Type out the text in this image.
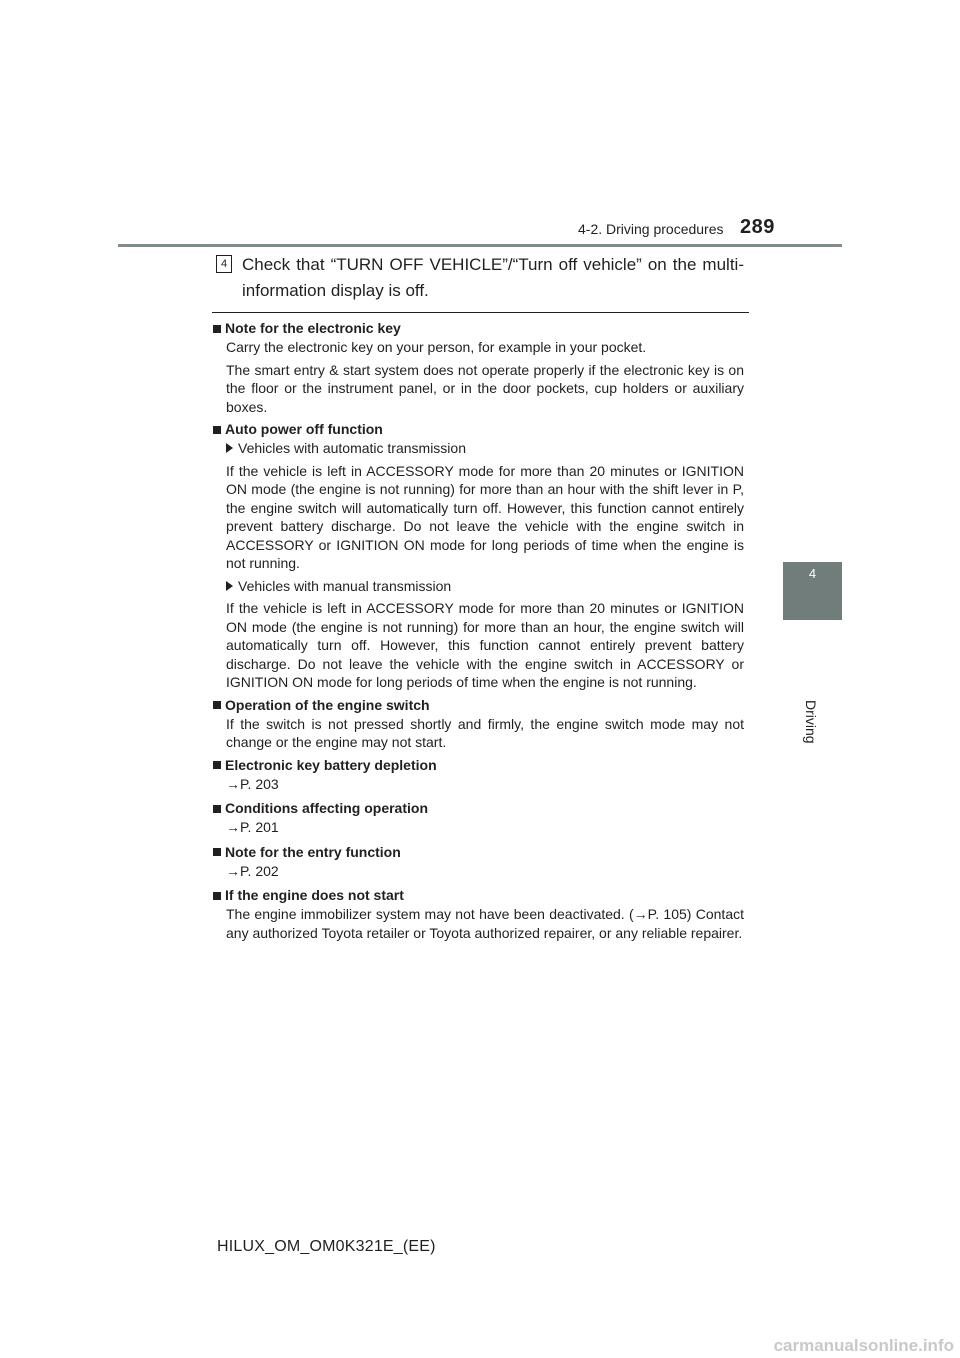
4-2. Driving procedures 289
4
Driving
4 Check that “TURN OFF VEHICLE”/“Turn off vehicle” on the multi-information display is off.
Note for the electronic key

Carry the electronic key on your person, for example in your pocket.

The smart entry & start system does not operate properly if the electronic key is on the floor or the instrument panel, or in the door pockets, cup holders or auxiliary boxes.

Auto power off function
Vehicles with automatic transmission

If the vehicle is left in ACCESSORY mode for more than 20 minutes or IGNITION ON mode (the engine is not running) for more than an hour with the shift lever in P, the engine switch will automatically turn off. However, this function cannot entirely prevent battery discharge. Do not leave the vehicle with the engine switch in ACCESSORY or IGNITION ON mode for long periods of time when the engine is not running.

Vehicles with manual transmission

If the vehicle is left in ACCESSORY mode for more than 20 minutes or IGNITION ON mode (the engine is not running) for more than an hour, the engine switch will automatically turn off. However, this function cannot entirely prevent battery discharge. Do not leave the vehicle with the engine switch in ACCESSORY or IGNITION ON mode for long periods of time when the engine is not running.

Operation of the engine switch

If the switch is not pressed shortly and firmly, the engine switch mode may not change or the engine may not start.

Electronic key battery depletion
→P. 203
Conditions affecting operation
→P. 201
Note for the entry function
→P. 202
If the engine does not start

The engine immobilizer system may not have been deactivated. (→P. 105) Contact any authorized Toyota retailer or Toyota authorized repairer, or any reliable repairer.

HILUX_OM_OM0K321E_(EE)
carmanualsonline.info
